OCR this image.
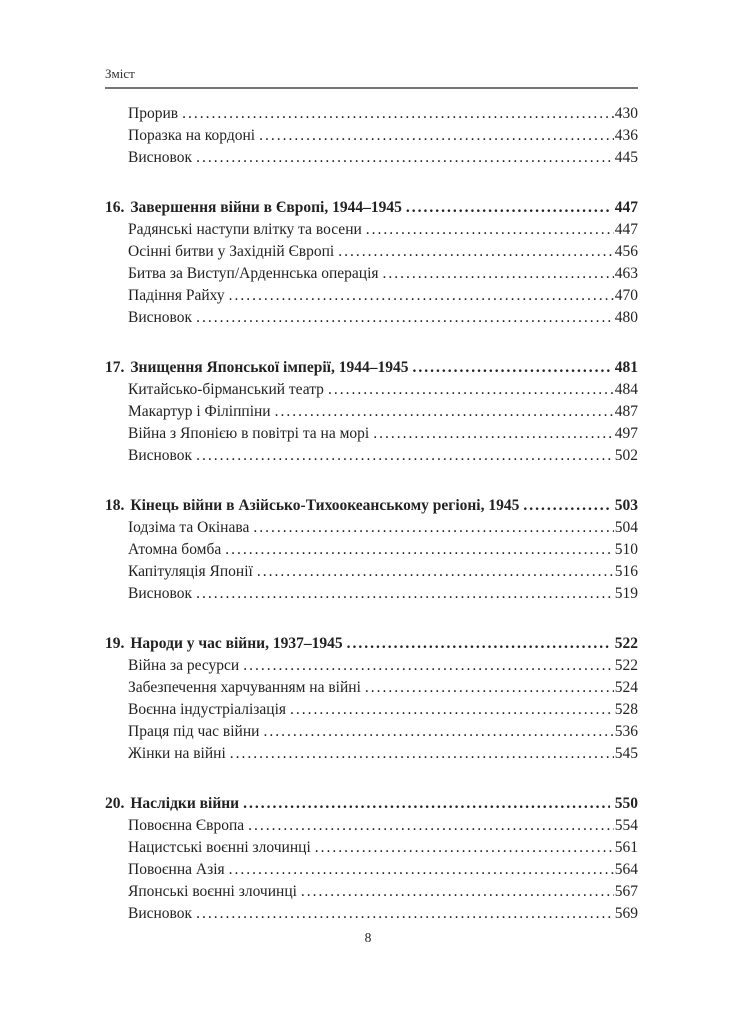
Зміст
Прорив .....	430
Поразка на кордоні .....	436
Висновок .....	445
16. Завершення війни в Європі, 1944–1945 .....	447
Радянські наступи влітку та восени .....	447
Осінні битви у Західній Європі .....	456
Битва за Виступ/Арденнська операція .....	463
Падіння Райху .....	470
Висновок .....	480
17. Знищення Японської імперії, 1944–1945 .....	481
Китайсько-бірманський театр .....	484
Макартур і Філіппіни .....	487
Війна з Японією в повітрі та на морі .....	497
Висновок .....	502
18. Кінець війни в Азійсько-Тихоокеанському регіоні, 1945 .....	503
Іодзіма та Окінава .....	504
Атомна бомба .....	510
Капітуляція Японії .....	516
Висновок .....	519
19. Народи у час війни, 1937–1945 .....	522
Війна за ресурси .....	522
Забезпечення харчуванням на війні .....	524
Воєнна індустріалізація .....	528
Праця під час війни .....	536
Жінки на війні .....	545
20. Наслідки війни .....	550
Повоєнна Європа .....	554
Нацистські воєнні злочинці .....	561
Повоєнна Азія .....	564
Японські воєнні злочинці .....	567
Висновок .....	569
8
